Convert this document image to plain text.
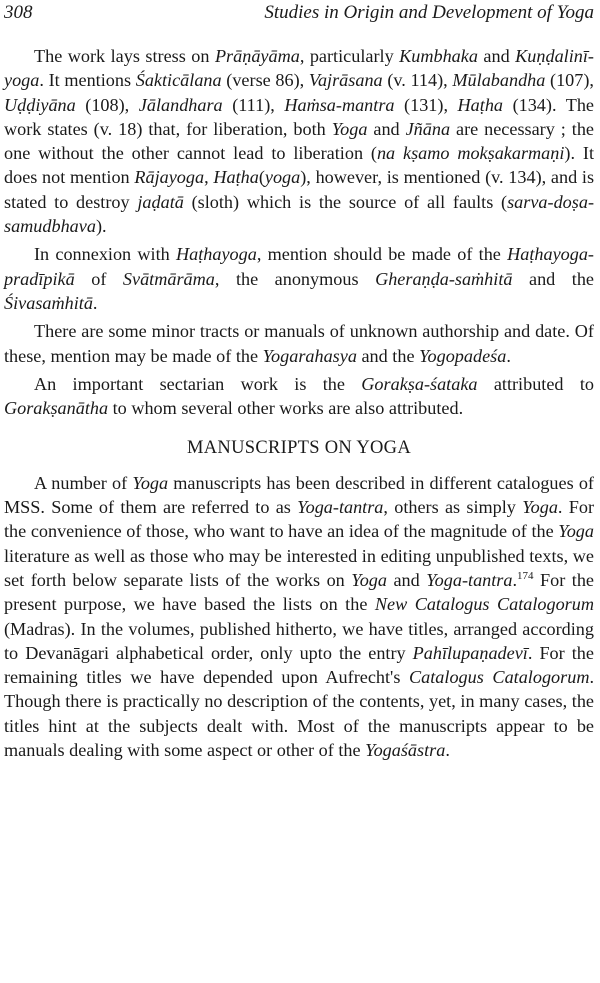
308	Studies in Origin and Development of Yoga

The work lays stress on Prāṇāyāma, particularly Kumbhaka and Kuṇḍalinī-yoga. It mentions Śakticālana (verse 86), Vajrāsana (v. 114), Mūlabandha (107), Uḍḍiyāna (108), Jālandhara (111), Haṁsa-mantra (131), Haṭha (134). The work states (v. 18) that, for liberation, both Yoga and Jñāna are necessary ; the one without the other cannot lead to liberation (na kṣamo mokṣakarmaṇi). It does not mention Rājayoga, Haṭha(yoga), however, is mentioned (v. 134), and is stated to destroy jaḍatā (sloth) which is the source of all faults (sarva-doṣa-samudbhava).

In connexion with Haṭhayoga, mention should be made of the Haṭhayoga-pradīpikā of Svātmārāma, the anonymous Gheraṇḍa-saṁhitā and the Śivasaṁhitā.

There are some minor tracts or manuals of unknown authorship and date. Of these, mention may be made of the Yogarahasya and the Yogopadeśa.

An important sectarian work is the Gorakṣa-śataka attributed to Gorakṣanātha to whom several other works are also attributed.

MANUSCRIPTS ON YOGA

A number of Yoga manuscripts has been described in different catalogues of MSS. Some of them are referred to as Yoga-tantra, others as simply Yoga. For the convenience of those, who want to have an idea of the magnitude of the Yoga literature as well as those who may be interested in editing unpublished texts, we set forth below separate lists of the works on Yoga and Yoga-tantra.$^{174}$ For the present purpose, we have based the lists on the New Catalogus Catalogorum (Madras). In the volumes, published hitherto, we have titles, arranged according to Devanāgari alphabetical order, only upto the entry Pahīlupaṇadevī. For the remaining titles we have depended upon Aufrecht's Catalogus Catalogorum. Though there is practically no description of the contents, yet, in many cases, the titles hint at the subjects dealt with. Most of the manuscripts appear to be manuals dealing with some aspect or other of the Yogaśāstra.
